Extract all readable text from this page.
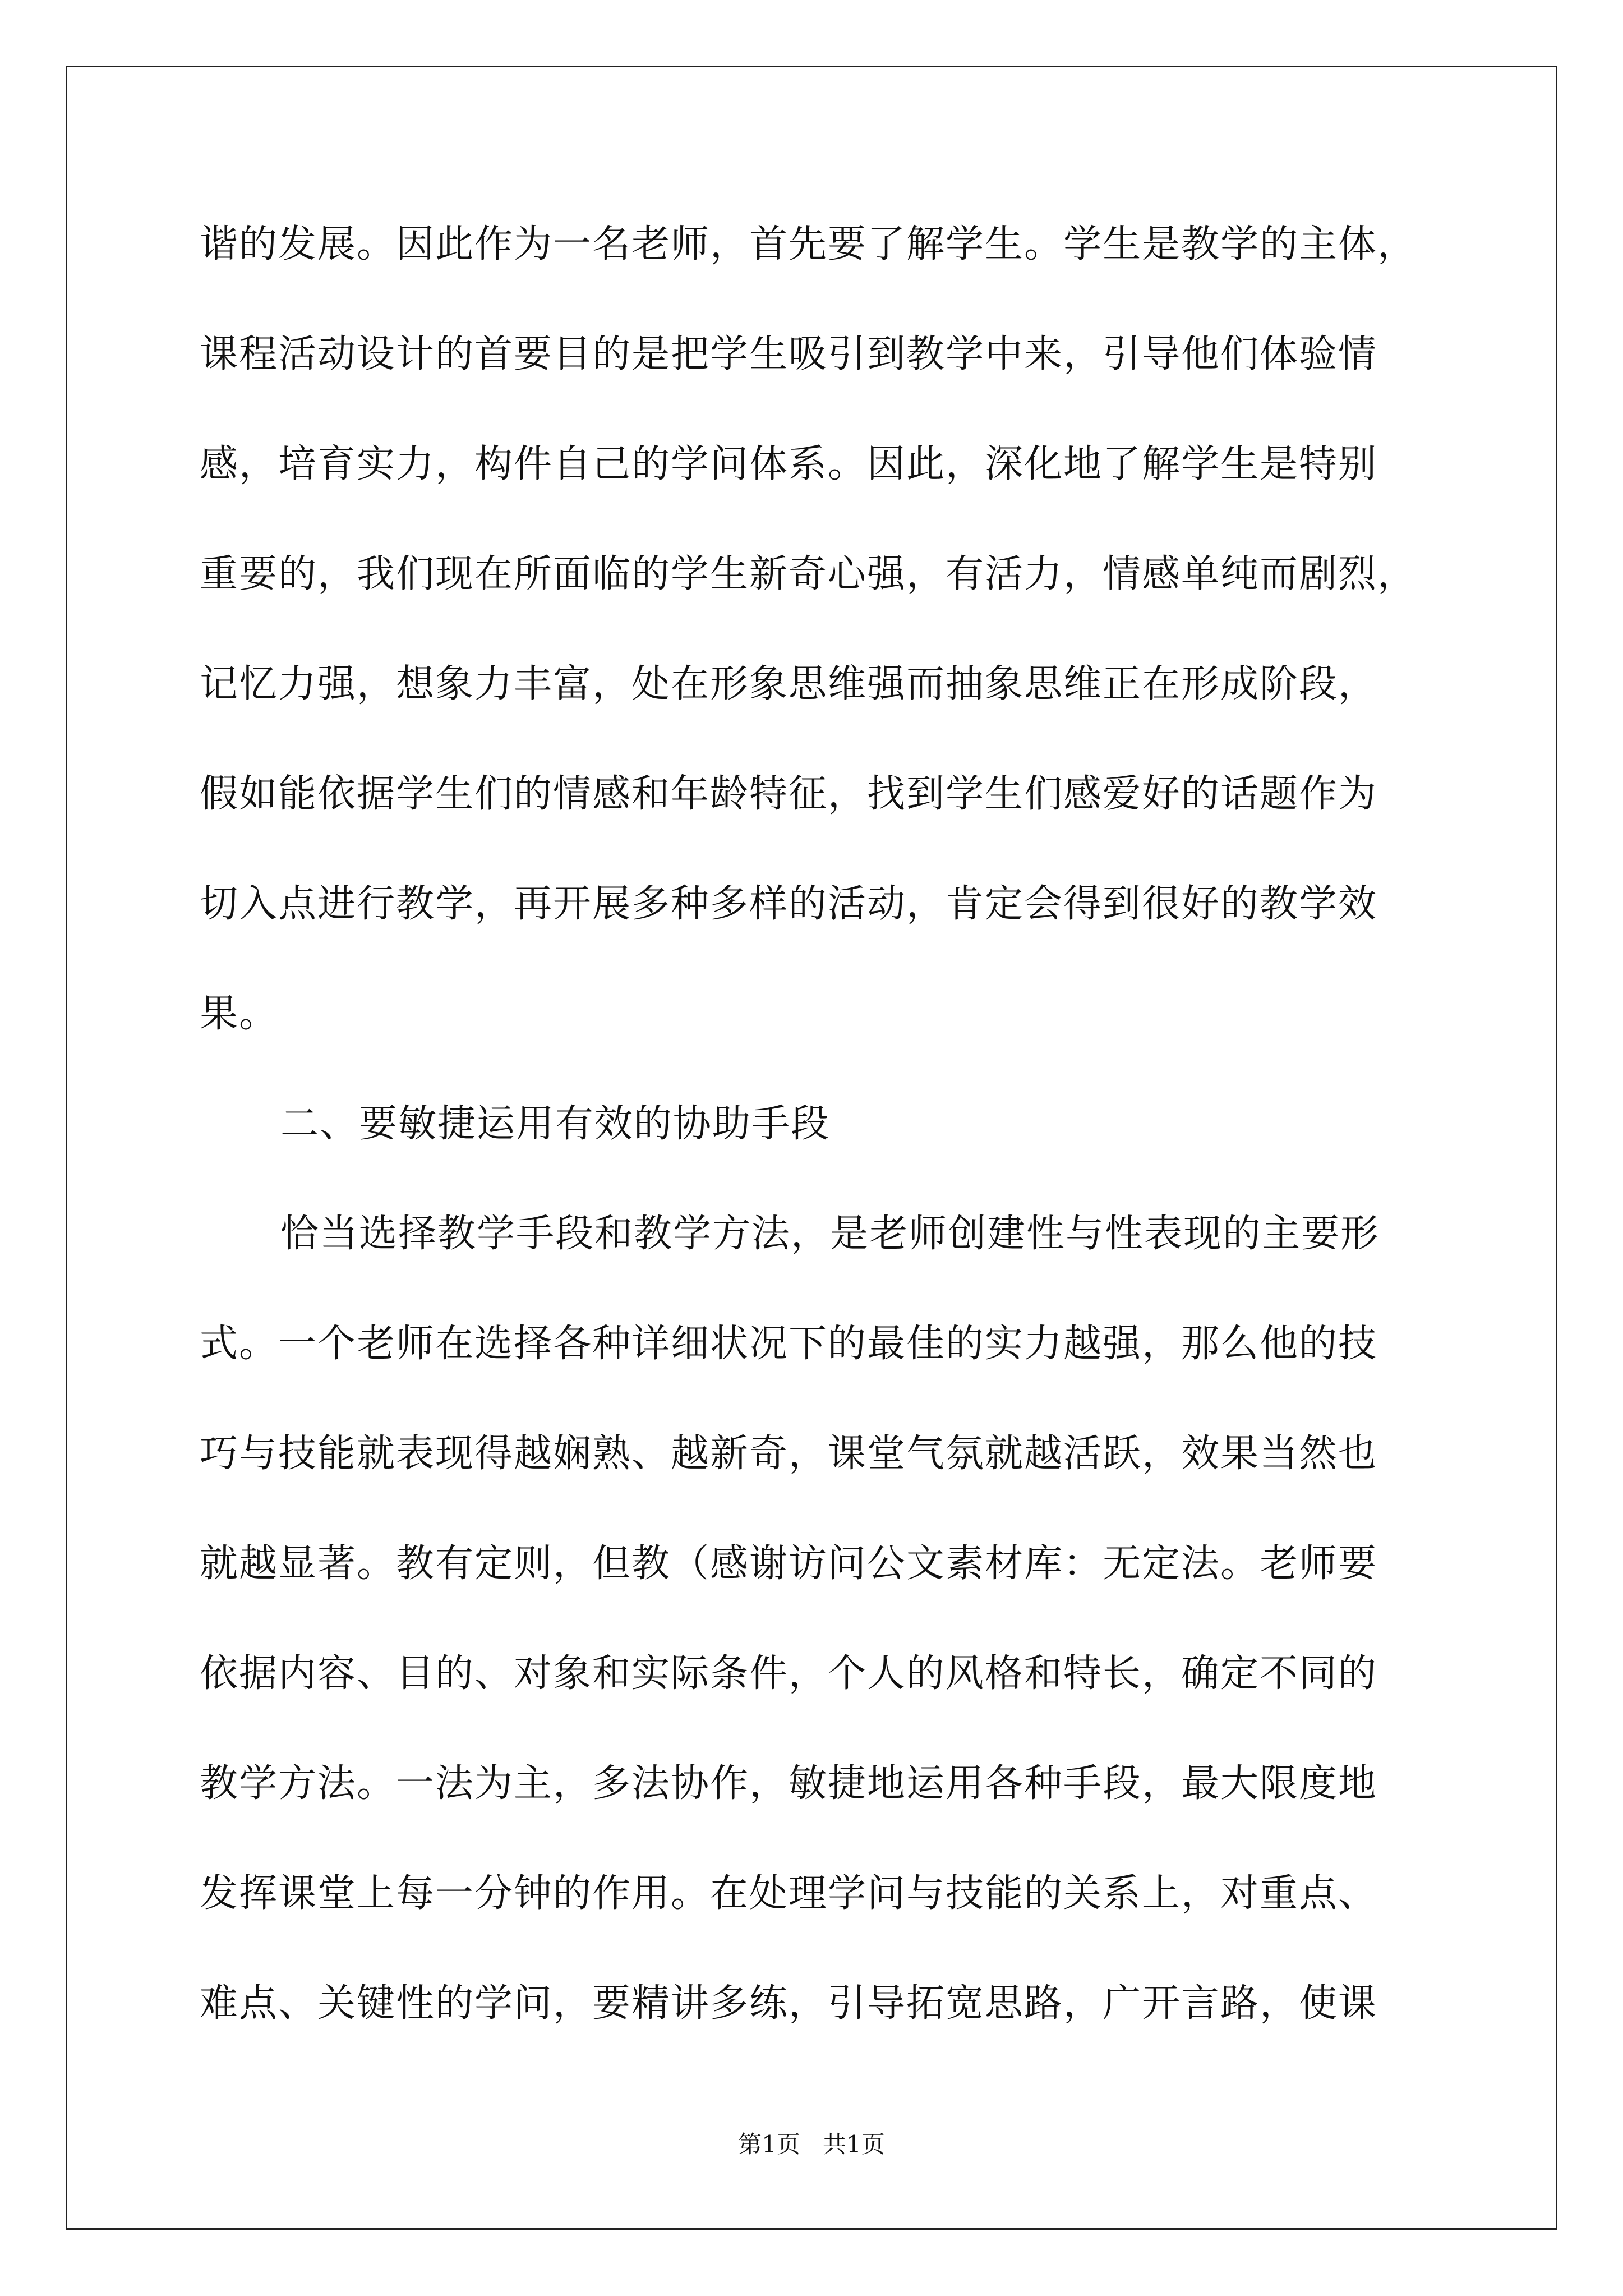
谐的发展。因此作为一名老师，首先要了解学生。学生是教学的主体，
课程活动设计的首要目的是把学生吸引到教学中来，引导他们体验情
感，培育实力，构件自己的学问体系。因此，深化地了解学生是特别
重要的，我们现在所面临的学生新奇心强，有活力，情感单纯而剧烈，
记忆力强，想象力丰富，处在形象思维强而抽象思维正在形成阶段，
假如能依据学生们的情感和年龄特征，找到学生们感爱好的话题作为
切入点进行教学，再开展多种多样的活动，肯定会得到很好的教学效
果。
二、要敏捷运用有效的协助手段
恰当选择教学手段和教学方法，是老师创建性与性表现的主要形
式。一个老师在选择各种详细状况下的最佳的实力越强，那么他的技
巧与技能就表现得越娴熟、越新奇，课堂气氛就越活跃，效果当然也
就越显著。教有定则，但教（感谢访问公文素材库：无定法。老师要
依据内容、目的、对象和实际条件，个人的风格和特长，确定不同的
教学方法。一法为主，多法协作，敏捷地运用各种手段，最大限度地
发挥课堂上每一分钟的作用。在处理学问与技能的关系上，对重点、
难点、关键性的学问，要精讲多练，引导拓宽思路，广开言路，使课
第1页   共1页
